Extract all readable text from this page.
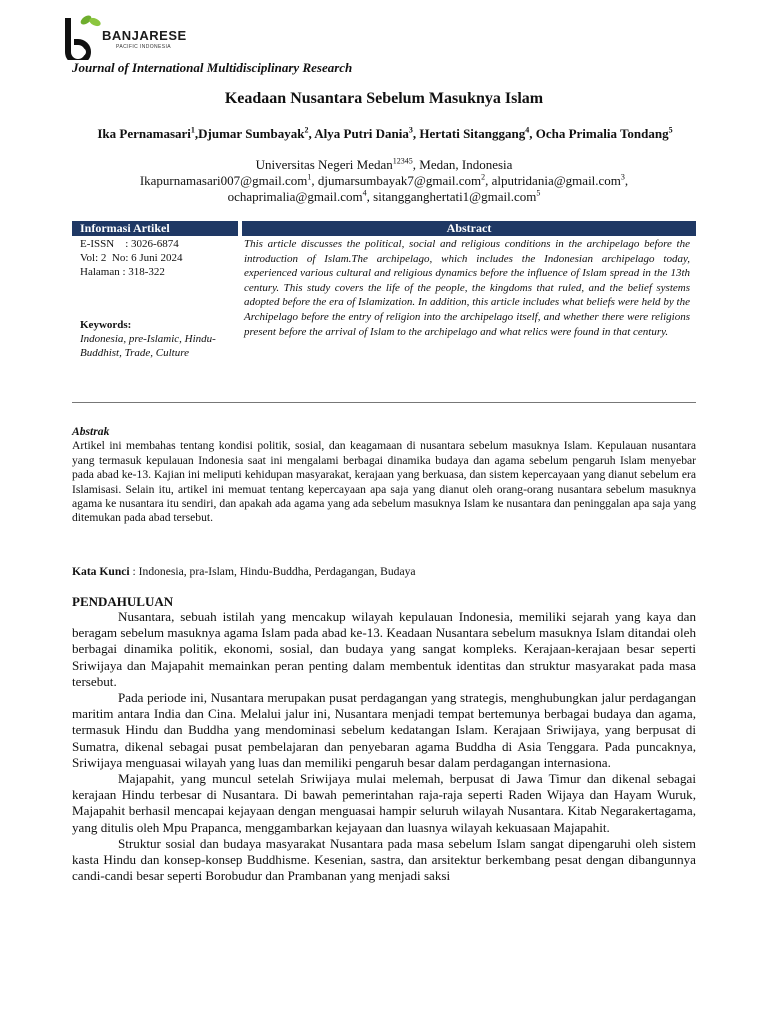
BANJARESE
PACIFIC INDONESIA
Journal of International Multidisciplinary Research
Keadaan Nusantara Sebelum Masuknya Islam
Ika Pernamasari$^1$,Djumar Sumbayak$^2$, Alya Putri Dania$^3$, Hertati Sitanggang$^4$, Ocha Primalia Tondang$^5$

Universitas Negeri Medan$^{12345}$, Medan, Indonesia

Ikapurnamasari007@gmail.com$^1$, djumarsumbayak7@gmail.com$^2$, alputridania@gmail.com$^3$,

ochaprimalia@gmail.com$^4$, sitangganghertati1@gmail.com$^5$

Informasi Artikel	Abstract
E-ISSN    : 3026-6874
Vol: 2  No: 6 Juni 2024
Halaman : 318-322
Keywords:
Indonesia, pre-Islamic, Hindu-Buddhist, Trade, Culture
This article discusses the political, social and religious conditions in the archipelago before the introduction of Islam.The archipelago, which includes the Indonesian archipelago today, experienced various cultural and religious dynamics before the influence of Islam spread in the 13th century. This study covers the life of the people, the kingdoms that ruled, and the belief systems adopted before the era of Islamization. In addition, this article includes what beliefs were held by the Archipelago before the entry of religion into the archipelago itself, and whether there were religions present before the arrival of Islam to the archipelago and what relics were found in that century.
Abstrak
Artikel ini membahas tentang kondisi politik, sosial, dan keagamaan di nusantara sebelum masuknya Islam. Kepulauan nusantara yang termasuk kepulauan Indonesia saat ini mengalami berbagai dinamika budaya dan agama sebelum pengaruh Islam menyebar pada abad ke-13. Kajian ini meliputi kehidupan masyarakat, kerajaan yang berkuasa, dan sistem kepercayaan yang dianut sebelum era Islamisasi. Selain itu, artikel ini memuat tentang kepercayaan apa saja yang dianut oleh orang-orang nusantara sebelum masuknya agama ke nusantara itu sendiri, dan apakah ada agama yang ada sebelum masuknya Islam ke nusantara dan peninggalan apa saja yang ditemukan pada abad tersebut.
Kata Kunci : Indonesia, pra-Islam, Hindu-Buddha, Perdagangan, Budaya
PENDAHULUAN

Nusantara, sebuah istilah yang mencakup wilayah kepulauan Indonesia, memiliki sejarah yang kaya dan beragam sebelum masuknya agama Islam pada abad ke-13. Keadaan Nusantara sebelum masuknya Islam ditandai oleh berbagai dinamika politik, ekonomi, sosial, dan budaya yang sangat kompleks. Kerajaan-kerajaan besar seperti Sriwijaya dan Majapahit memainkan peran penting dalam membentuk identitas dan struktur masyarakat pada masa tersebut.

Pada periode ini, Nusantara merupakan pusat perdagangan yang strategis, menghubungkan jalur perdagangan maritim antara India dan Cina. Melalui jalur ini, Nusantara menjadi tempat bertemunya berbagai budaya dan agama, termasuk Hindu dan Buddha yang mendominasi sebelum kedatangan Islam. Kerajaan Sriwijaya, yang berpusat di Sumatra, dikenal sebagai pusat pembelajaran dan penyebaran agama Buddha di Asia Tenggara. Pada puncaknya, Sriwijaya menguasai wilayah yang luas dan memiliki pengaruh besar dalam perdagangan internasiona.

Majapahit, yang muncul setelah Sriwijaya mulai melemah, berpusat di Jawa Timur dan dikenal sebagai kerajaan Hindu terbesar di Nusantara. Di bawah pemerintahan raja-raja seperti Raden Wijaya dan Hayam Wuruk, Majapahit berhasil mencapai kejayaan dengan menguasai hampir seluruh wilayah Nusantara. Kitab Negarakertagama, yang ditulis oleh Mpu Prapanca, menggambarkan kejayaan dan luasnya wilayah kekuasaan Majapahit.

Struktur sosial dan budaya masyarakat Nusantara pada masa sebelum Islam sangat dipengaruhi oleh sistem kasta Hindu dan konsep-konsep Buddhisme. Kesenian, sastra, dan arsitektur berkembang pesat dengan dibangunnya candi-candi besar seperti Borobudur dan Prambanan yang menjadi saksi
